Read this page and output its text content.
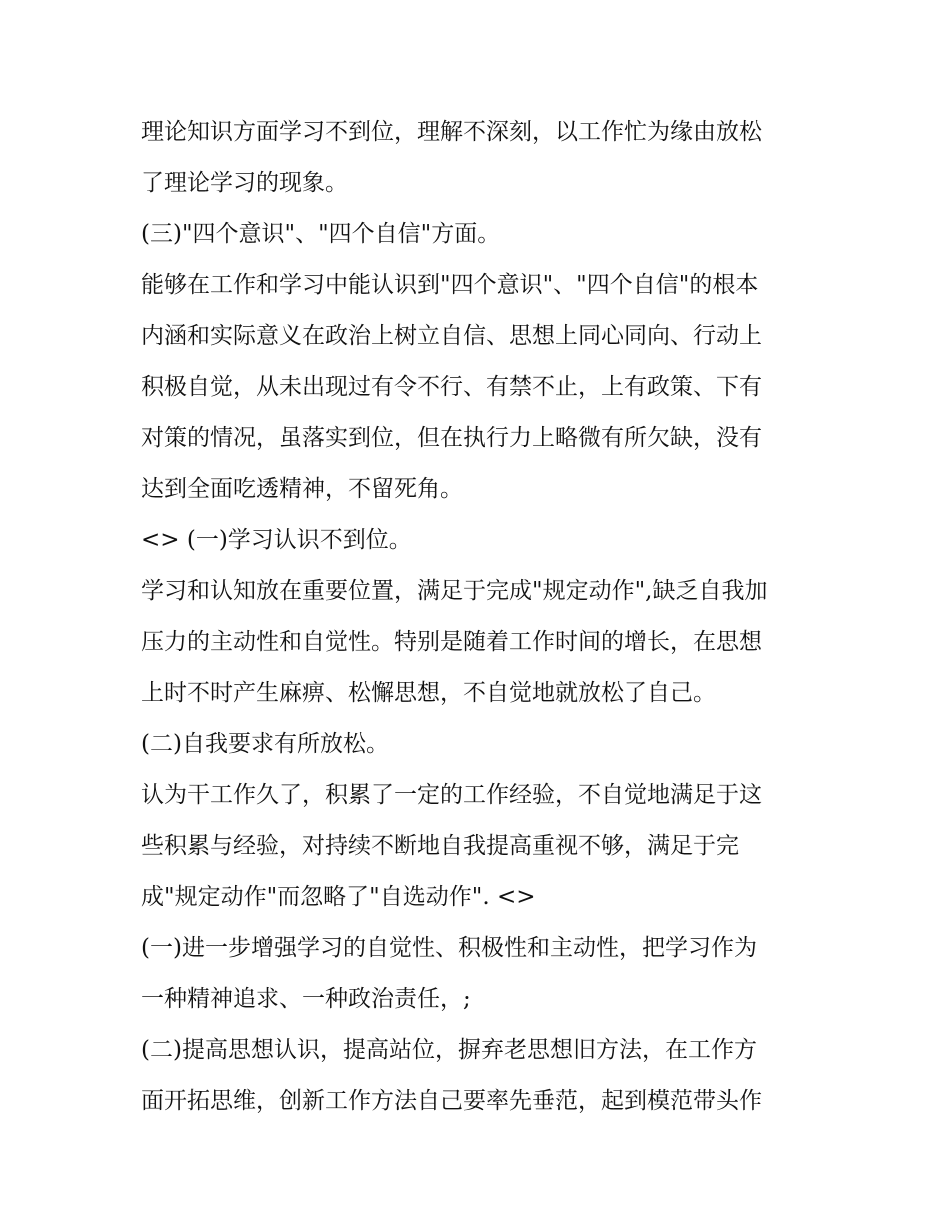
理论知识方面学习不到位，理解不深刻，以工作忙为缘由放松
了理论学习的现象。
(三)"四个意识"、"四个自信"方面。
能够在工作和学习中能认识到"四个意识"、"四个自信"的根本
内涵和实际意义在政治上树立自信、思想上同心同向、行动上
积极自觉，从未出现过有令不行、有禁不止，上有政策、下有
对策的情况，虽落实到位，但在执行力上略微有所欠缺，没有
达到全面吃透精神，不留死角。
<> (一)学习认识不到位。
学习和认知放在重要位置，满足于完成"规定动作",缺乏自我加
压力的主动性和自觉性。特别是随着工作时间的增长，在思想
上时不时产生麻痹、松懈思想，不自觉地就放松了自己。
(二)自我要求有所放松。
认为干工作久了，积累了一定的工作经验，不自觉地满足于这
些积累与经验，对持续不断地自我提高重视不够，满足于完
成"规定动作"而忽略了"自选动作". <>
(一)进一步增强学习的自觉性、积极性和主动性，把学习作为
一种精神追求、一种政治责任，;
(二)提高思想认识，提高站位，摒弃老思想旧方法，在工作方
面开拓思维，创新工作方法自己要率先垂范，起到模范带头作
